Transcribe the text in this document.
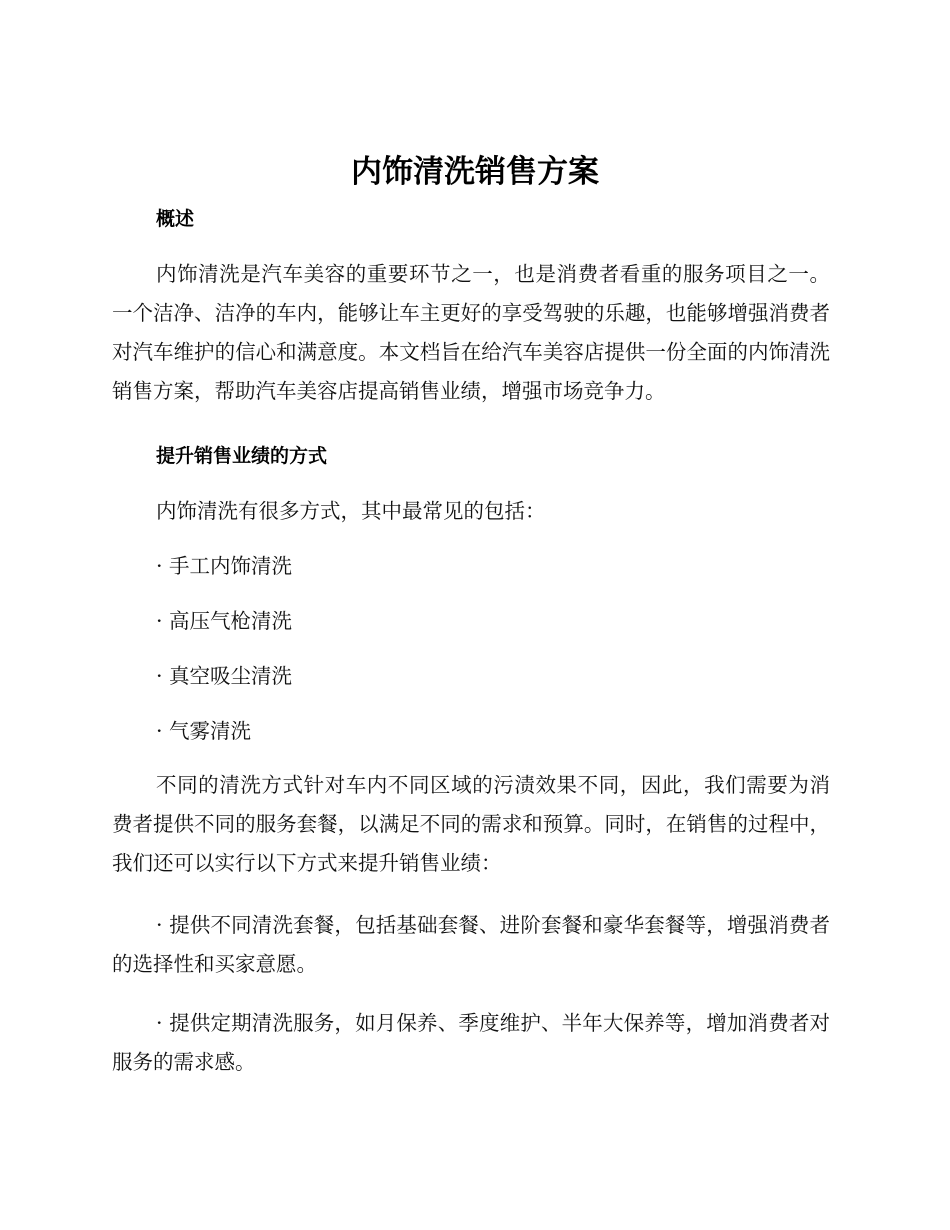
内饰清洗销售方案
概述

内饰清洗是汽车美容的重要环节之一，也是消费者看重的服务项目之一。一个洁净、洁净的车内，能够让车主更好的享受驾驶的乐趣，也能够增强消费者对汽车维护的信心和满意度。本文档旨在给汽车美容店提供一份全面的内饰清洗销售方案，帮助汽车美容店提高销售业绩，增强市场竞争力。

提升销售业绩的方式

内饰清洗有很多方式，其中最常见的包括：

· 手工内饰清洗

· 高压气枪清洗

· 真空吸尘清洗

· 气雾清洗

不同的清洗方式针对车内不同区域的污渍效果不同，因此，我们需要为消费者提供不同的服务套餐，以满足不同的需求和预算。同时，在销售的过程中，我们还可以实行以下方式来提升销售业绩：

· 提供不同清洗套餐，包括基础套餐、进阶套餐和豪华套餐等，增强消费者的选择性和买家意愿。

· 提供定期清洗服务，如月保养、季度维护、半年大保养等，增加消费者对服务的需求感。
